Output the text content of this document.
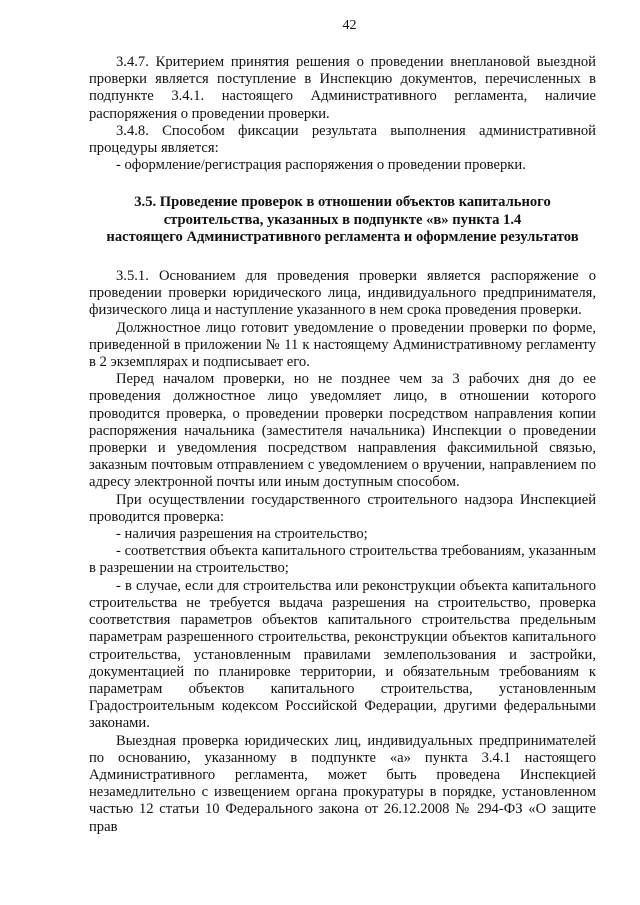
42

3.4.7. Критерием принятия решения о проведении внеплановой выездной проверки является поступление в Инспекцию документов, перечисленных в подпункте 3.4.1. настоящего Административного регламента, наличие распоряжения о проведении проверки.

3.4.8. Способом фиксации результата выполнения административной процедуры является:

- оформление/регистрация распоряжения о проведении проверки.

3.5. Проведение проверок в отношении объектов капитального
строительства, указанных в подпункте «в» пункта 1.4
настоящего Административного регламента и оформление результатов

3.5.1. Основанием для проведения проверки является распоряжение о проведении проверки юридического лица, индивидуального предпринимателя, физического лица и наступление указанного в нем срока проведения проверки.

Должностное лицо готовит уведомление о проведении проверки по форме, приведенной в приложении № 11 к настоящему Административному регламенту в 2 экземплярах и подписывает его.

Перед началом проверки, но не позднее чем за 3 рабочих дня до ее проведения должностное лицо уведомляет лицо, в отношении которого проводится проверка, о проведении проверки посредством направления копии распоряжения начальника (заместителя начальника) Инспекции о проведении проверки и уведомления посредством направления факсимильной связью, заказным почтовым отправлением с уведомлением о вручении, направлением по адресу электронной почты или иным доступным способом.

При осуществлении государственного строительного надзора Инспекцией проводится проверка:

- наличия разрешения на строительство;

- соответствия объекта капитального строительства требованиям, указанным в разрешении на строительство;

- в случае, если для строительства или реконструкции объекта капитального строительства не требуется выдача разрешения на строительство, проверка соответствия параметров объектов капитального строительства предельным параметрам разрешенного строительства, реконструкции объектов капитального строительства, установленным правилами землепользования и застройки, документацией по планировке территории, и обязательным требованиям к параметрам объектов капитального строительства, установленным Градостроительным кодексом Российской Федерации, другими федеральными законами.

Выездная проверка юридических лиц, индивидуальных предпринимателей по основанию, указанному в подпункте «а» пункта 3.4.1 настоящего Административного регламента, может быть проведена Инспекцией незамедлительно с извещением органа прокуратуры в порядке, установленном частью 12 статьи 10 Федерального закона от 26.12.2008 № 294-ФЗ «О защите прав
